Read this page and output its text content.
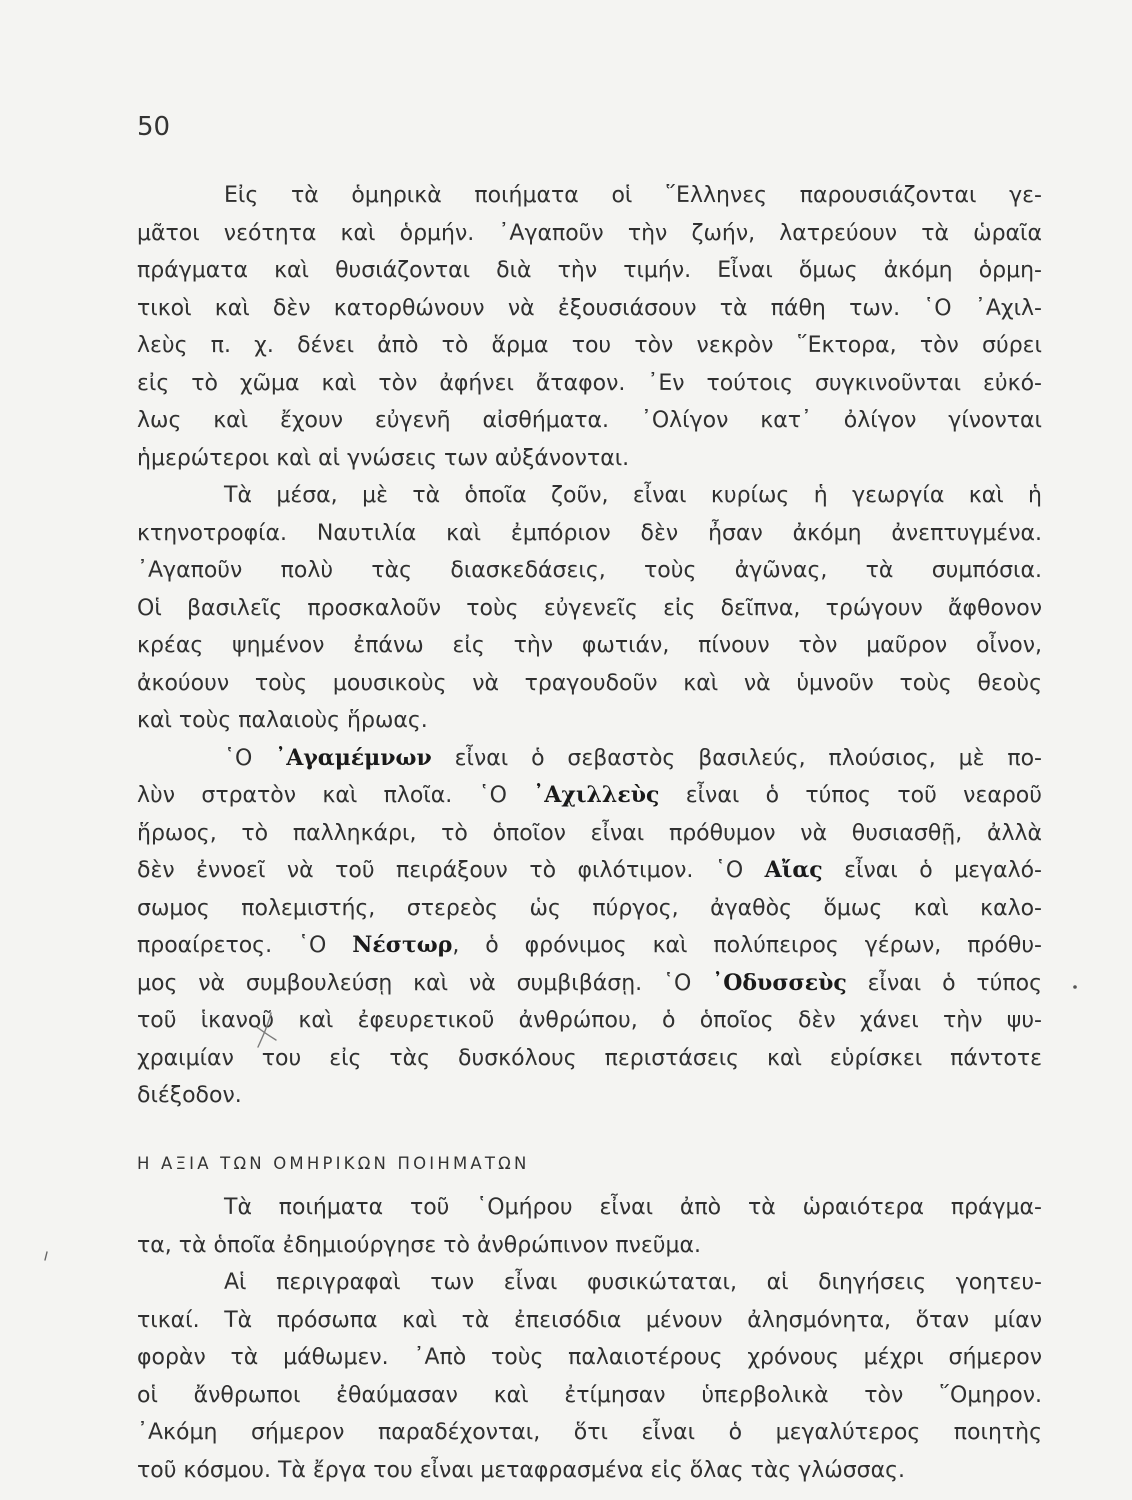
50
Εἰς τὰ ὁμηρικὰ ποιήματα οἱ ῞Ελληνες παρουσιάζονται γε-
μᾶτοι νεότητα καὶ ὁρμήν. ᾿Αγαποῦν τὴν ζωήν, λατρεύουν τὰ ὡραῖα
πράγματα καὶ θυσιάζονται διὰ τὴν τιμήν. Εἶναι ὅμως ἀκόμη ὁρμη-
τικοὶ καὶ δὲν κατορθώνουν νὰ ἐξουσιάσουν τὰ πάθη των. ῾Ο ᾿Αχιλ-
λεὺς π. χ. δένει ἀπὸ τὸ ἅρμα του τὸν νεκρὸν ῞Εκτορα, τὸν σύρει
εἰς τὸ χῶμα καὶ τὸν ἀφήνει ἄταφον. ᾿Εν τούτοις συγκινοῦνται εὐκό-
λως καὶ ἔχουν εὐγενῆ αἰσθήματα. ᾿Ολίγον κατ᾿ ὀλίγον γίνονται
ἡμερώτεροι καὶ αἱ γνώσεις των αὐξάνονται.
Τὰ μέσα, μὲ τὰ ὁποῖα ζοῦν, εἶναι κυρίως ἡ γεωργία καὶ ἡ
κτηνοτροφία. Ναυτιλία καὶ ἐμπόριον δὲν ἦσαν ἀκόμη ἀνεπτυγμένα.
᾿Αγαποῦν πολὺ τὰς διασκεδάσεις, τοὺς ἀγῶνας, τὰ συμπόσια.
Οἱ βασιλεῖς προσκαλοῦν τοὺς εὐγενεῖς εἰς δεῖπνα, τρώγουν ἄφθονον
κρέας ψημένον ἐπάνω εἰς τὴν φωτιάν, πίνουν τὸν μαῦρον οἶνον,
ἀκούουν τοὺς μουσικοὺς νὰ τραγουδοῦν καὶ νὰ ὑμνοῦν τοὺς θεοὺς
καὶ τοὺς παλαιοὺς ἥρωας.
῾Ο ᾿Αγαμέμνων εἶναι ὁ σεβαστὸς βασιλεύς, πλούσιος, μὲ πο-
λὺν στρατὸν καὶ πλοῖα. ῾Ο ᾿Αχιλλεὺς εἶναι ὁ τύπος τοῦ νεαροῦ
ἥρωος, τὸ παλληκάρι, τὸ ὁποῖον εἶναι πρόθυμον νὰ θυσιασθῇ, ἀλλὰ
δὲν ἐννοεῖ νὰ τοῦ πειράξουν τὸ φιλότιμον. ῾Ο Αἴας εἶναι ὁ μεγαλό-
σωμος πολεμιστής, στερεὸς ὡς πύργος, ἀγαθὸς ὅμως καὶ καλο-
προαίρετος. ῾Ο Νέστωρ, ὁ φρόνιμος καὶ πολύπειρος γέρων, πρόθυ-
μος νὰ συμβουλεύσῃ καὶ νὰ συμβιβάσῃ. ῾Ο ᾿Οδυσσεὺς εἶναι ὁ τύπος
τοῦ ἱκανοῦ καὶ ἐφευρετικοῦ ἀνθρώπου, ὁ ὁποῖος δὲν χάνει τὴν ψυ-
χραιμίαν του εἰς τὰς δυσκόλους περιστάσεις καὶ εὑρίσκει πάντοτε
διέξοδον.
Η ΑΞΙΑ ΤΩΝ ΟΜΗΡΙΚΩΝ ΠΟΙΗΜΑΤΩΝ
Τὰ ποιήματα τοῦ ῾Ομήρου εἶναι ἀπὸ τὰ ὡραιότερα πράγμα-
τα, τὰ ὁποῖα ἐδημιούργησε τὸ ἀνθρώπινον πνεῦμα.
Αἱ περιγραφαὶ των εἶναι φυσικώταται, αἱ διηγήσεις γοητευ-
τικαί. Τὰ πρόσωπα καὶ τὰ ἐπεισόδια μένουν ἀλησμόνητα, ὅταν μίαν
φορὰν τὰ μάθωμεν. ᾿Απὸ τοὺς παλαιοτέρους χρόνους μέχρι σήμερον
οἱ ἄνθρωποι ἐθαύμασαν καὶ ἐτίμησαν ὑπερβολικὰ τὸν ῞Ομηρον.
᾿Ακόμη σήμερον παραδέχονται, ὅτι εἶναι ὁ μεγαλύτερος ποιητὴς
τοῦ κόσμου. Τὰ ἔργα του εἶναι μεταφρασμένα εἰς ὅλας τὰς γλώσσας.
